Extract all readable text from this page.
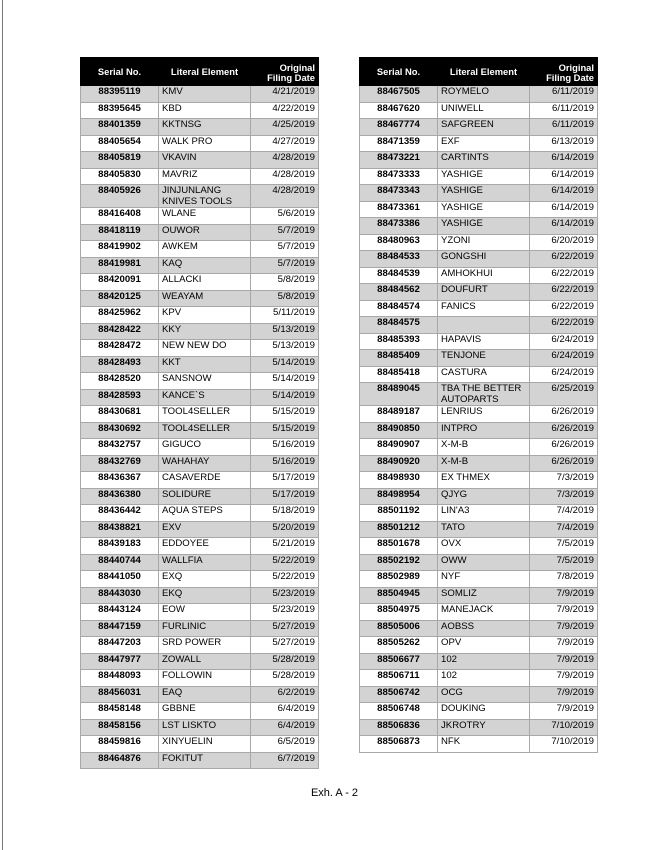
Serial No.	Literal Element	Original
Filing Date
88395119	KMV	4/21/2019
88395645	KBD	4/22/2019
88401359	KKTNSG	4/25/2019
88405654	WALK PRO	4/27/2019
88405819	VKAVIN	4/28/2019
88405830	MAVRIZ	4/28/2019
88405926	JINJUNLANG KNIVES TOOLS	4/28/2019
88416408	WLANE	5/6/2019
88418119	OUWOR	5/7/2019
88419902	AWKEM	5/7/2019
88419981	KAQ	5/7/2019
88420091	ALLACKI	5/8/2019
88420125	WEAYAM	5/8/2019
88425962	KPV	5/11/2019
88428422	KKY	5/13/2019
88428472	NEW NEW DO	5/13/2019
88428493	KKT	5/14/2019
88428520	SANSNOW	5/14/2019
88428593	KANCE`S	5/14/2019
88430681	TOOL4SELLER	5/15/2019
88430692	TOOL4SELLER	5/15/2019
88432757	GIGUCO	5/16/2019
88432769	WAHAHAY	5/16/2019
88436367	CASAVERDE	5/17/2019
88436380	SOLIDURE	5/17/2019
88436442	AQUA STEPS	5/18/2019
88438821	EXV	5/20/2019
88439183	EDDOYEE	5/21/2019
88440744	WALLFIA	5/22/2019
88441050	EXQ	5/22/2019
88443030	EKQ	5/23/2019
88443124	EOW	5/23/2019
88447159	FURLINIC	5/27/2019
88447203	SRD POWER	5/27/2019
88447977	ZOWALL	5/28/2019
88448093	FOLLOWIN	5/28/2019
88456031	EAQ	6/2/2019
88458148	GBBNE	6/4/2019
88458156	LST LISKTO	6/4/2019
88459816	XINYUELIN	6/5/2019
88464876	FOKITUT	6/7/2019
Serial No.	Literal Element	Original
Filing Date
88467505	ROYMELO	6/11/2019
88467620	UNIWELL	6/11/2019
88467774	SAFGREEN	6/11/2019
88471359	EXF	6/13/2019
88473221	CARTINTS	6/14/2019
88473333	YASHIGE	6/14/2019
88473343	YASHIGE	6/14/2019
88473361	YASHIGE	6/14/2019
88473386	YASHIGE	6/14/2019
88480963	YZONI	6/20/2019
88484533	GONGSHI	6/22/2019
88484539	AMHOKHUI	6/22/2019
88484562	DOUFURT	6/22/2019
88484574	FANICS	6/22/2019
88484575		6/22/2019
88485393	HAPAVIS	6/24/2019
88485409	TENJONE	6/24/2019
88485418	CASTURA	6/24/2019
88489045	TBA THE BETTER AUTOPARTS	6/25/2019
88489187	LENRIUS	6/26/2019
88490850	INTPRO	6/26/2019
88490907	X-M-B	6/26/2019
88490920	X-M-B	6/26/2019
88498930	EX THMEX	7/3/2019
88498954	QJYG	7/3/2019
88501192	LIN'A3	7/4/2019
88501212	TATO	7/4/2019
88501678	OVX	7/5/2019
88502192	OWW	7/5/2019
88502989	NYF	7/8/2019
88504945	SOMLIZ	7/9/2019
88504975	MANEJACK	7/9/2019
88505006	AOBSS	7/9/2019
88505262	OPV	7/9/2019
88506677	102	7/9/2019
88506711	102	7/9/2019
88506742	OCG	7/9/2019
88506748	DOUKING	7/9/2019
88506836	JKROTRY	7/10/2019
88506873	NFK	7/10/2019
Exh. A - 2
